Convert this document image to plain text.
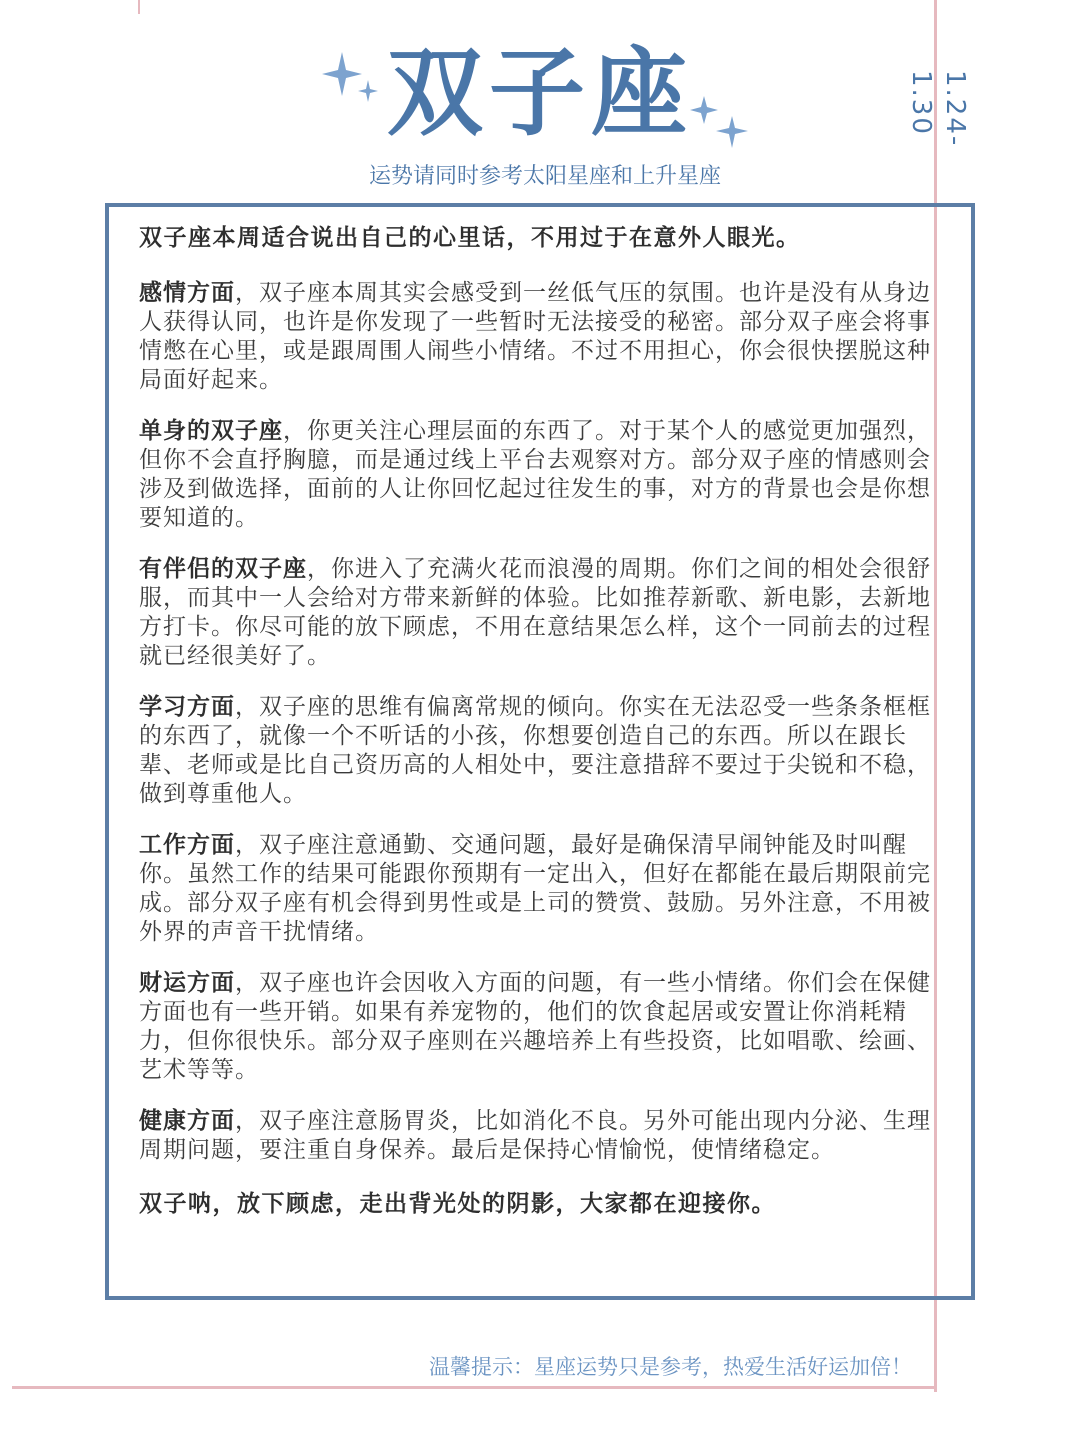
双子座

运势请同时参考太阳星座和上升星座

1.24-1.30

双子座本周适合说出自己的心里话，不用过于在意外人眼光。

感情方面，双子座本周其实会感受到一丝低气压的氛围。也许是没有从身边人获得认同，也许是你发现了一些暂时无法接受的秘密。部分双子座会将事情憋在心里，或是跟周围人闹些小情绪。不过不用担心，你会很快摆脱这种局面好起来。

单身的双子座，你更关注心理层面的东西了。对于某个人的感觉更加强烈，但你不会直抒胸臆，而是通过线上平台去观察对方。部分双子座的情感则会涉及到做选择，面前的人让你回忆起过往发生的事，对方的背景也会是你想要知道的。

有伴侣的双子座，你进入了充满火花而浪漫的周期。你们之间的相处会很舒服，而其中一人会给对方带来新鲜的体验。比如推荐新歌、新电影，去新地方打卡。你尽可能的放下顾虑，不用在意结果怎么样，这个一同前去的过程就已经很美好了。

学习方面，双子座的思维有偏离常规的倾向。你实在无法忍受一些条条框框的东西了，就像一个不听话的小孩，你想要创造自己的东西。所以在跟长辈、老师或是比自己资历高的人相处中，要注意措辞不要过于尖锐和不稳，做到尊重他人。

工作方面，双子座注意通勤、交通问题，最好是确保清早闹钟能及时叫醒你。虽然工作的结果可能跟你预期有一定出入，但好在都能在最后期限前完成。部分双子座有机会得到男性或是上司的赞赏、鼓励。另外注意，不用被外界的声音干扰情绪。

财运方面，双子座也许会因收入方面的问题，有一些小情绪。你们会在保健方面也有一些开销。如果有养宠物的，他们的饮食起居或安置让你消耗精力，但你很快乐。部分双子座则在兴趣培养上有些投资，比如唱歌、绘画、艺术等等。

健康方面，双子座注意肠胃炎，比如消化不良。另外可能出现内分泌、生理周期问题，要注重自身保养。最后是保持心情愉悦，使情绪稳定。

双子呐，放下顾虑，走出背光处的阴影，大家都在迎接你。

温馨提示：星座运势只是参考，热爱生活好运加倍！
